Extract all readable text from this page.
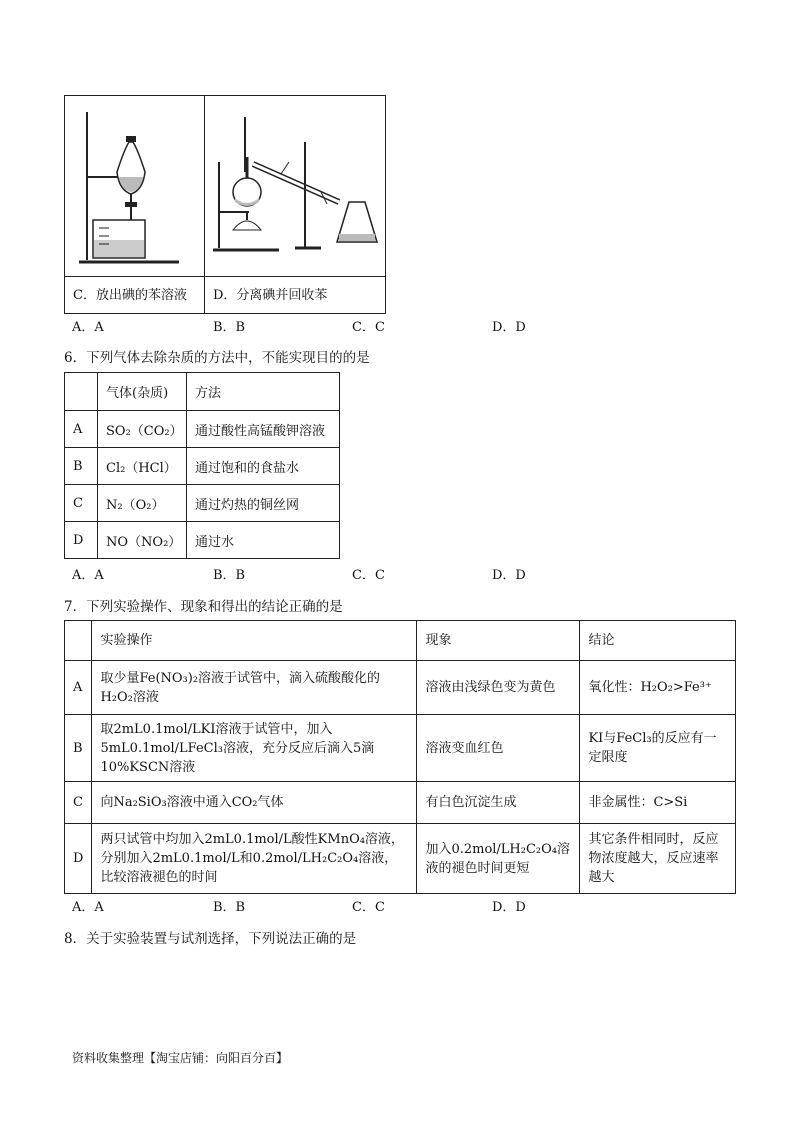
C．放出碘的苯溶液 D．分离碘并回收苯
A．A	B．B	C．C	D．D
6．下列气体去除杂质的方法中，不能实现目的的是
	气体(杂质)	方法
A	SO₂（CO₂）	通过酸性高锰酸钾溶液
B	Cl₂（HCl）	通过饱和的食盐水
C	N₂（O₂）	通过灼热的铜丝网
D	NO（NO₂）	通过水
A．A	B．B	C．C	D．D
7．下列实验操作、现象和得出的结论正确的是
	实验操作	现象	结论
A	取少量Fe(NO₃)₂溶液于试管中，滴入硫酸酸化的H₂O₂溶液	溶液由浅绿色变为黄色	氧化性：H₂O₂>Fe³⁺
B	取2mL0.1mol/LKI溶液于试管中，加入5mL0.1mol/LFeCl₃溶液，充分反应后滴入5滴10%KSCN溶液	溶液变血红色	KI与FeCl₃的反应有一定限度
C	向Na₂SiO₃溶液中通入CO₂气体	有白色沉淀生成	非金属性：C>Si
D	两只试管中均加入2mL0.1mol/L酸性KMnO₄溶液，分别加入2mL0.1mol/L和0.2mol/LH₂C₂O₄溶液，比较溶液褪色的时间	加入0.2mol/LH₂C₂O₄溶液的褪色时间更短	其它条件相同时，反应物浓度越大，反应速率越大
A．A	B．B	C．C	D．D
8．关于实验装置与试剂选择，下列说法正确的是
资料收集整理【淘宝店铺：向阳百分百】
